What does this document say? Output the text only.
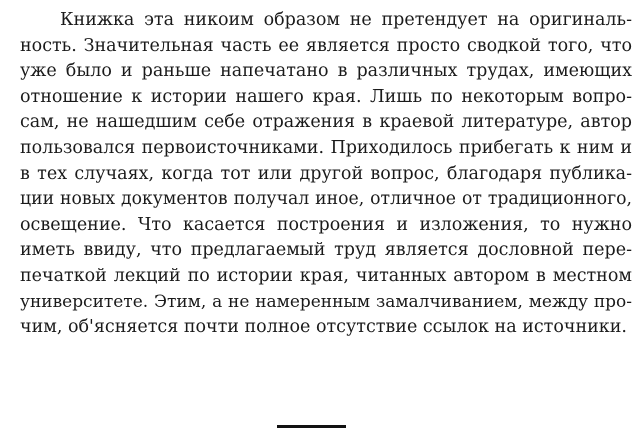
Книжка эта никоим образом не претендует на оригиналь-
ность. Значительная часть ее является просто сводкой того, что
уже было и раньше напечатано в различных трудах, имеющих
отношение к истории нашего края. Лишь по некоторым вопро-
сам, не нашедшим себе отражения в краевой литературе, автор
пользовался первоисточниками. Приходилось прибегать к ним и
в тех случаях, когда тот или другой вопрос, благодаря публика-
ции новых документов получал иное, отличное от традиционного,
освещение. Что касается построения и изложения, то нужно
иметь ввиду, что предлагаемый труд является дословной пере-
печаткой лекций по истории края, читанных автором в местном
университете. Этим, а не намеренным замалчиванием, между про-
чим, об'ясняется почти полное отсутствие ссылок на источники.
